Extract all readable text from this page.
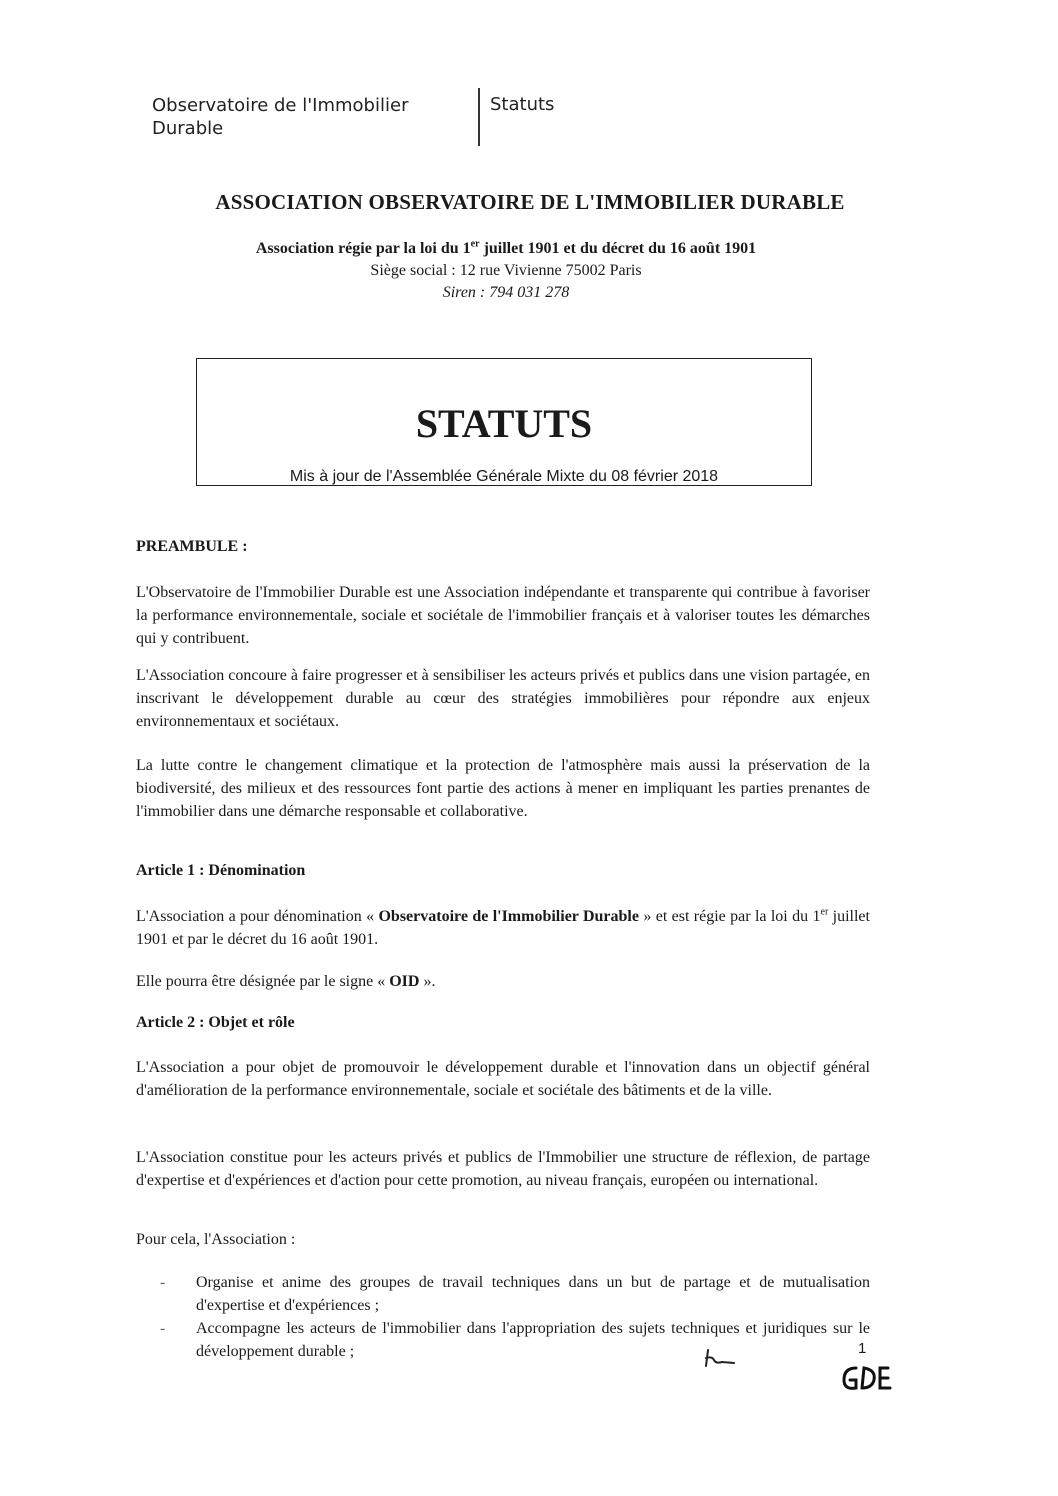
Observatoire de l'Immobilier
Durable
Statuts
ASSOCIATION OBSERVATOIRE DE L'IMMOBILIER DURABLE
Association régie par la loi du 1er juillet 1901 et du décret du 16 août 1901
Siège social : 12 rue Vivienne 75002 Paris
Siren : 794 031 278
STATUTS
Mis à jour de l'Assemblée Générale Mixte du 08 février 2018
PREAMBULE :
L'Observatoire de l'Immobilier Durable est une Association indépendante et transparente qui contribue à favoriser la performance environnementale, sociale et sociétale de l'immobilier français et à valoriser toutes les démarches qui y contribuent.
L'Association concoure à faire progresser et à sensibiliser les acteurs privés et publics dans une vision partagée, en inscrivant le développement durable au cœur des stratégies immobilières pour répondre aux enjeux environnementaux et sociétaux.
La lutte contre le changement climatique et la protection de l'atmosphère mais aussi la préservation de la biodiversité, des milieux et des ressources font partie des actions à mener en impliquant les parties prenantes de l'immobilier dans une démarche responsable et collaborative.
Article 1 : Dénomination
L'Association a pour dénomination « Observatoire de l'Immobilier Durable » et est régie par la loi du 1er juillet 1901 et par le décret du 16 août 1901.
Elle pourra être désignée par le signe « OID ».
Article 2 : Objet et rôle
L'Association a pour objet de promouvoir le développement durable et l'innovation dans un objectif général d'amélioration de la performance environnementale, sociale et sociétale des bâtiments et de la ville.
L'Association constitue pour les acteurs privés et publics de l'Immobilier une structure de réflexion, de partage d'expertise et d'expériences et d'action pour cette promotion, au niveau français, européen ou international.
Pour cela, l'Association :
-	Organise et anime des groupes de travail techniques dans un but de partage et de mutualisation d'expertise et d'expériences ;
-	Accompagne les acteurs de l'immobilier dans l'appropriation des sujets techniques et juridiques sur le développement durable ;	1
